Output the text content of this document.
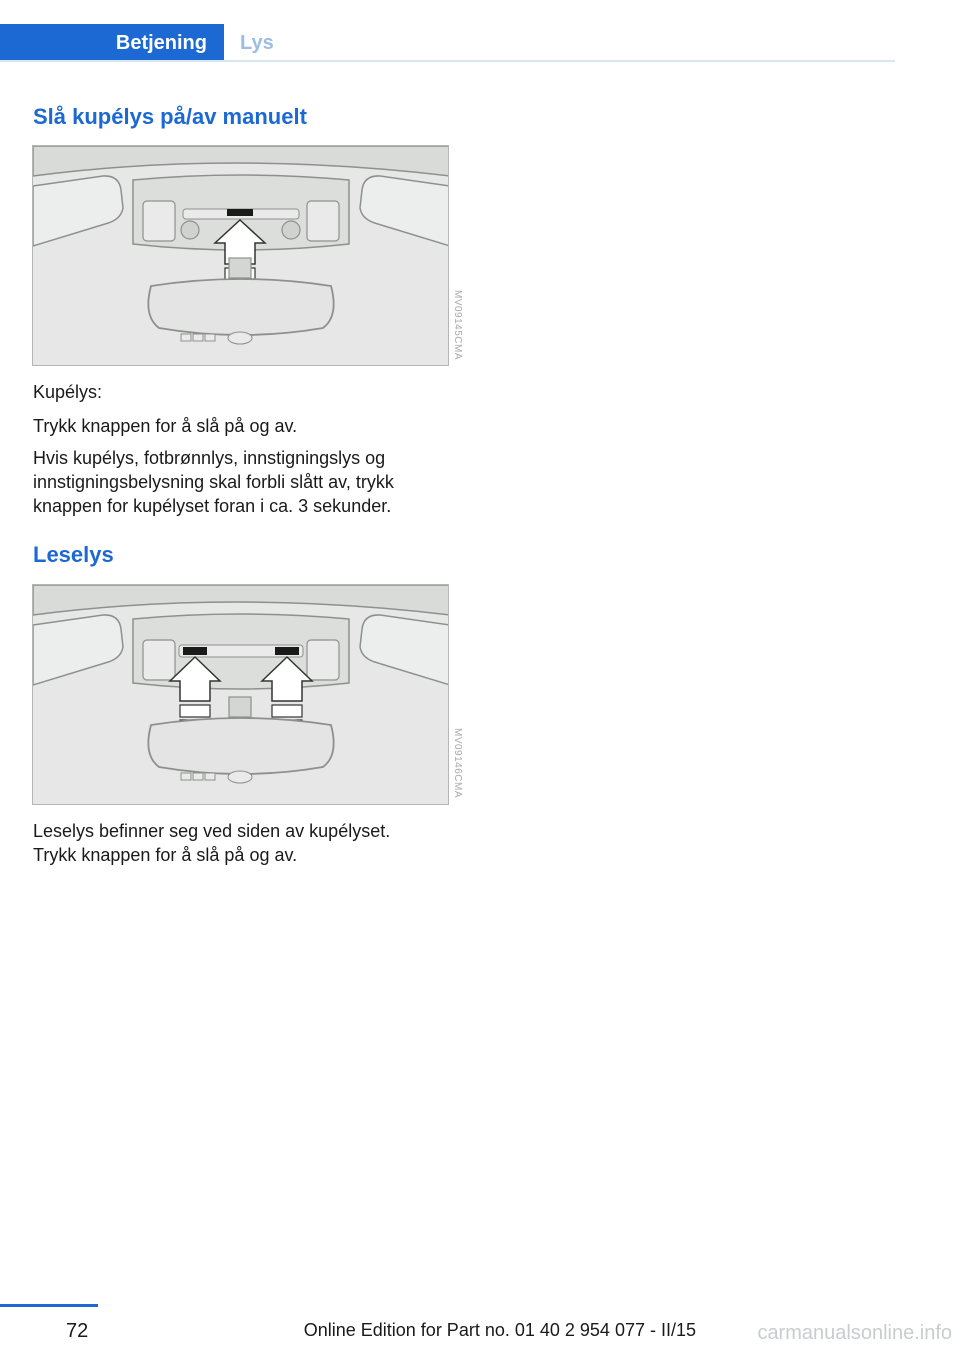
Betjening	Lys
Slå kupélys på/av manuelt
MV09145CMA

Kupélys:

Trykk knappen for å slå på og av.

Hvis kupélys, fotbrønnlys, innstigningslys og innstigningsbelysning skal forbli slått av, trykk knappen for kupélyset foran i ca. 3 sekunder.

Leselys
MV09146CMA

Leselys befinner seg ved siden av kupélyset.

Trykk knappen for å slå på og av.

72	Online Edition for Part no. 01 40 2 954 077 - II/15	carmanualsonline.info
